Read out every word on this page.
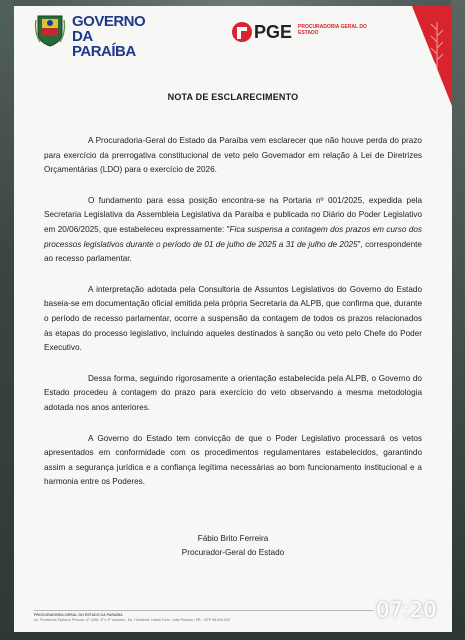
GOVERNO
DA PARAÍBA
PGE PROCURADORIA GERAL DO ESTADO
NOTA DE ESCLARECIMENTO

A Procuradoria-Geral do Estado da Paraíba vem esclarecer que não houve perda do prazo para exercício da prerrogativa constitucional de veto pelo Governador em relação à Lei de Diretrizes Orçamentárias (LDO) para o exercício de 2026.

O fundamento para essa posição encontra-se na Portaria nº 001/2025, expedida pela Secretaria Legislativa da Assembleia Legislativa da Paraíba e publicada no Diário do Poder Legislativo em 20/06/2025, que estabeleceu expressamente: "Fica suspensa a contagem dos prazos em curso dos processos legislativos durante o período de 01 de julho de 2025 a 31 de julho de 2025", correspondente ao recesso parlamentar.

A interpretação adotada pela Consultoria de Assuntos Legislativos do Governo do Estado baseia-se em documentação oficial emitida pela própria Secretaria da ALPB, que confirma que, durante o período de recesso parlamentar, ocorre a suspensão da contagem de todos os prazos relacionados às etapas do processo legislativo, incluindo aqueles destinados à sanção ou veto pelo Chefe do Poder Executivo.

Dessa forma, seguindo rigorosamente a orientação estabelecida pela ALPB, o Governo do Estado procedeu à contagem do prazo para exercício do veto observando a mesma metodologia adotada nos anos anteriores.

A Governo do Estado tem convicção de que o Poder Legislativo processará os vetos apresentados em conformidade com os procedimentos regulamentares estabelecidos, garantindo assim a segurança jurídica e a confiança legítima necessárias ao bom funcionamento institucional e a harmonia entre os Poderes.

Fábio Brito Ferreira
Procurador-Geral do Estado
PROCURADORIA-GERAL DO ESTADO DA PARAÍBA
Av. Presidente Epitácio Pessoa, nº 1498, 3º e 4º andares - Ed. Hidrabelli, Ivânia Torre, João Pessoa / PB - CEP 58.040-000	07:20
